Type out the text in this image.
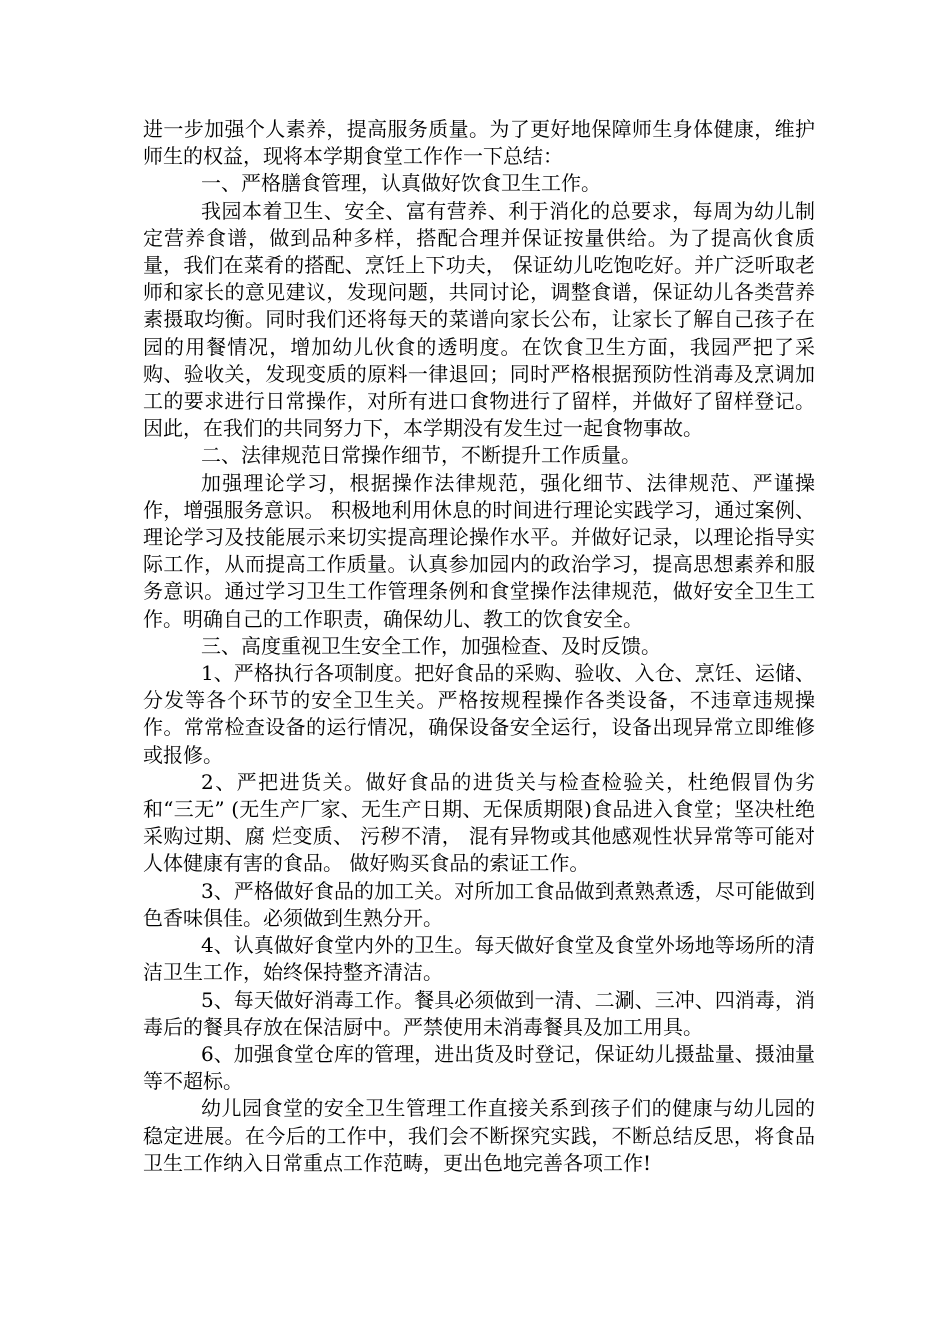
进一步加强个人素养，提高服务质量。为了更好地保障师生身体健康，维护师生的权益，现将本学期食堂工作作一下总结：

一、严格膳食管理，认真做好饮食卫生工作。

我园本着卫生、安全、富有营养、利于消化的总要求，每周为幼儿制定营养食谱，做到品种多样，搭配合理并保证按量供给。为了提高伙食质量，我们在菜肴的搭配、烹饪上下功夫， 保证幼儿吃饱吃好。并广泛听取老师和家长的意见建议，发现问题，共同讨论，调整食谱，保证幼儿各类营养素摄取均衡。同时我们还将每天的菜谱向家长公布，让家长了解自己孩子在园的用餐情况，增加幼儿伙食的透明度。在饮食卫生方面，我园严把了采购、验收关，发现变质的原料一律退回；同时严格根据预防性消毒及烹调加工的要求进行日常操作，对所有进口食物进行了留样，并做好了留样登记。因此，在我们的共同努力下，本学期没有发生过一起食物事故。

二、法律规范日常操作细节，不断提升工作质量。

加强理论学习，根据操作法律规范，强化细节、法律规范、严谨操作，增强服务意识。 积极地利用休息的时间进行理论实践学习，通过案例、理论学习及技能展示来切实提高理论操作水平。并做好记录，以理论指导实际工作，从而提高工作质量。认真参加园内的政治学习，提高思想素养和服务意识。通过学习卫生工作管理条例和食堂操作法律规范，做好安全卫生工作。明确自己的工作职责，确保幼儿、教工的饮食安全。

三、高度重视卫生安全工作，加强检查、及时反馈。

1、严格执行各项制度。把好食品的采购、验收、入仓、烹饪、运储、分发等各个环节的安全卫生关。严格按规程操作各类设备，不违章违规操作。常常检查设备的运行情况，确保设备安全运行，设备出现异常立即维修或报修。

2、严把进货关。做好食品的进货关与检查检验关，杜绝假冒伪劣和“三无” (无生产厂家、无生产日期、无保质期限)食品进入食堂；坚决杜绝采购过期、腐 烂变质、 污秽不清， 混有异物或其他感观性状异常等可能对人体健康有害的食品。 做好购买食品的索证工作。

3、严格做好食品的加工关。对所加工食品做到煮熟煮透，尽可能做到色香味俱佳。必须做到生熟分开。

4、认真做好食堂内外的卫生。每天做好食堂及食堂外场地等场所的清洁卫生工作，始终保持整齐清洁。

5、每天做好消毒工作。餐具必须做到一清、二涮、三冲、四消毒，消毒后的餐具存放在保洁厨中。严禁使用未消毒餐具及加工用具。

6、加强食堂仓库的管理，进出货及时登记，保证幼儿摄盐量、摄油量等不超标。

幼儿园食堂的安全卫生管理工作直接关系到孩子们的健康与幼儿园的稳定进展。在今后的工作中，我们会不断探究实践，不断总结反思，将食品卫生工作纳入日常重点工作范畴，更出色地完善各项工作!
